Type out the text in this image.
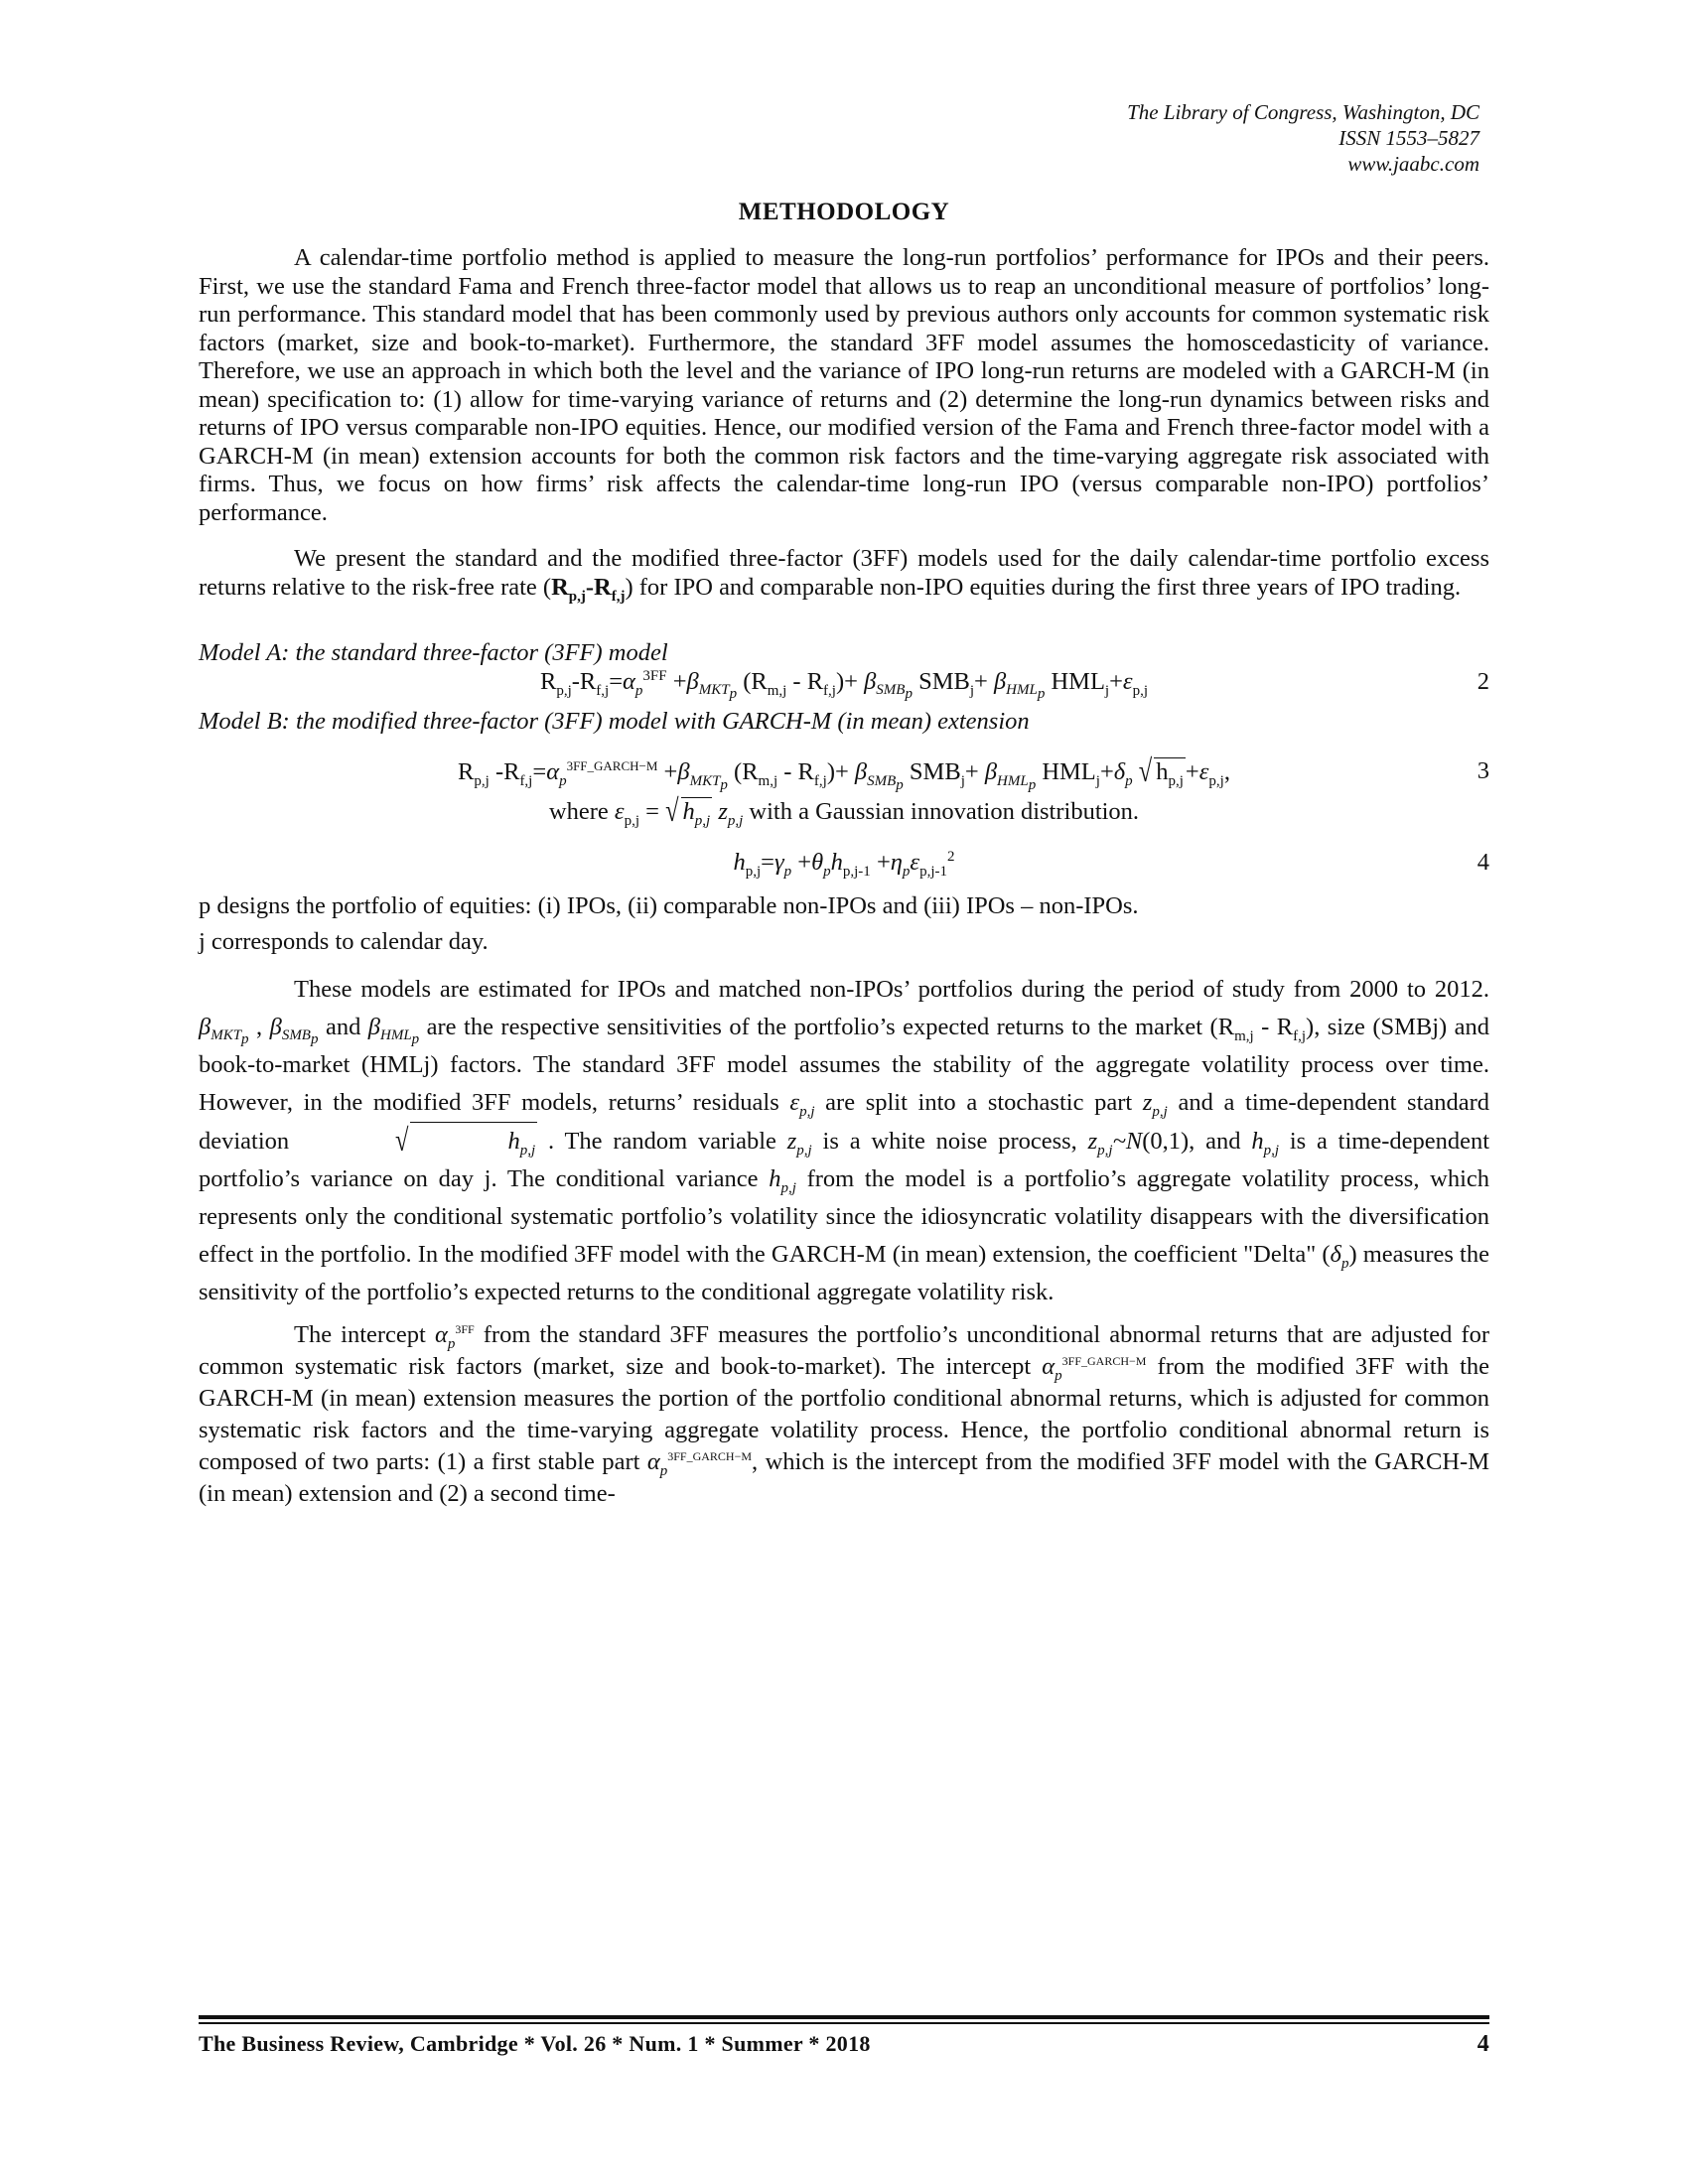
The Library of Congress, Washington, DC
ISSN 1553–5827
www.jaabc.com
METHODOLOGY

A calendar-time portfolio method is applied to measure the long-run portfolios’ performance for IPOs and their peers. First, we use the standard Fama and French three-factor model that allows us to reap an unconditional measure of portfolios’ long-run performance. This standard model that has been commonly used by previous authors only accounts for common systematic risk factors (market, size and book-to-market). Furthermore, the standard 3FF model assumes the homoscedasticity of variance. Therefore, we use an approach in which both the level and the variance of IPO long-run returns are modeled with a GARCH-M (in mean) specification to: (1) allow for time-varying variance of returns and (2) determine the long-run dynamics between risks and returns of IPO versus comparable non-IPO equities. Hence, our modified version of the Fama and French three-factor model with a GARCH-M (in mean) extension accounts for both the common risk factors and the time-varying aggregate risk associated with firms. Thus, we focus on how firms’ risk affects the calendar-time long-run IPO (versus comparable non-IPO) portfolios’ performance.

We present the standard and the modified three-factor (3FF) models used for the daily calendar-time portfolio excess returns relative to the risk-free rate $(R_{p,j}-R_{f,j})$ for IPO and comparable non-IPO equities during the first three years of IPO trading.

Model A: the standard three-factor (3FF) model

$R_{p,j}-R_{f,j}=\alpha_p^{3FF} +\beta_{MKT_p}$ $(R_{m,j} - R_{f,j})+ \beta_{SMB_p}$ $SMB_j+ \beta_{HML_p}$ $HML_j+\varepsilon_{p,j}$	2

Model B: the modified three-factor (3FF) model with GARCH-M (in mean) extension

$R_{p,j}$ $-R_{f,j}=\alpha_p^{3FF\_GARCH-M} +\beta_{MKT_p}$ $(R_{m,j} - R_{f,j})+ \beta_{SMB_p}$ $SMB_j+ \beta_{HML_p}$ $HML_j+\delta_p$ √ $h_{p,j}+\varepsilon_{p,j}$,	3

where $\varepsilon_{p,j}$ = √ $h_{p,j}$ $z_{p,j}$ with a Gaussian innovation distribution.

$h_{p,j}=\gamma_p +\theta_ph_{p,j-1} +\eta_p\varepsilon_{p,j-1}^2$	4

p designs the portfolio of equities: (i) IPOs, (ii) comparable non-IPOs and (iii) IPOs – non-IPOs.

j corresponds to calendar day.

These models are estimated for IPOs and matched non-IPOs’ portfolios during the period of study from 2000 to 2012. $\beta_{MKT_p}$ , $\beta_{SMB_p}$ and $\beta_{HML_p}$ are the respective sensitivities of the portfolio’s expected returns to the market $(R_{m,j} - R_{f,j})$, size (SMBj) and book-to-market (HMLj) factors. The standard 3FF model assumes the stability of the aggregate volatility process over time. However, in the modified 3FF models, returns’ residuals $\varepsilon_{p,j}$ are split into a stochastic part $z_{p,j}$ and a time-dependent standard deviation	√	$h_{p,j}$ . The random variable $z_{p,j}$ is a white noise process, $z_{p,j}\sim N(0,1)$, and $h_{p,j}$ is a time-dependent portfolio’s variance on day j. The conditional variance $h_{p,j}$ from the model is a portfolio’s aggregate volatility process, which represents only the conditional systematic portfolio’s volatility since the idiosyncratic volatility disappears with the diversification effect in the portfolio. In the modified 3FF model with the GARCH-M (in mean) extension, the coefficient "Delta" $(\delta_p)$ measures the sensitivity of the portfolio’s expected returns to the conditional aggregate volatility risk.

The intercept $\alpha_p^{3FF}$ from the standard 3FF measures the portfolio’s unconditional abnormal returns that are adjusted for common systematic risk factors (market, size and book-to-market). The intercept $\alpha_p^{3FF\_GARCH-M}$ from the modified 3FF with the GARCH-M (in mean) extension measures the portion of the portfolio conditional abnormal returns, which is adjusted for common systematic risk factors and the time-varying aggregate volatility process. Hence, the portfolio conditional abnormal return is composed of two parts: (1) a first stable part $\alpha_p^{3FF\_GARCH-M}$, which is the intercept from the modified 3FF model with the GARCH-M (in mean) extension and (2) a second time-

The Business Review, Cambridge * Vol. 26 * Num. 1 * Summer * 2018	4
